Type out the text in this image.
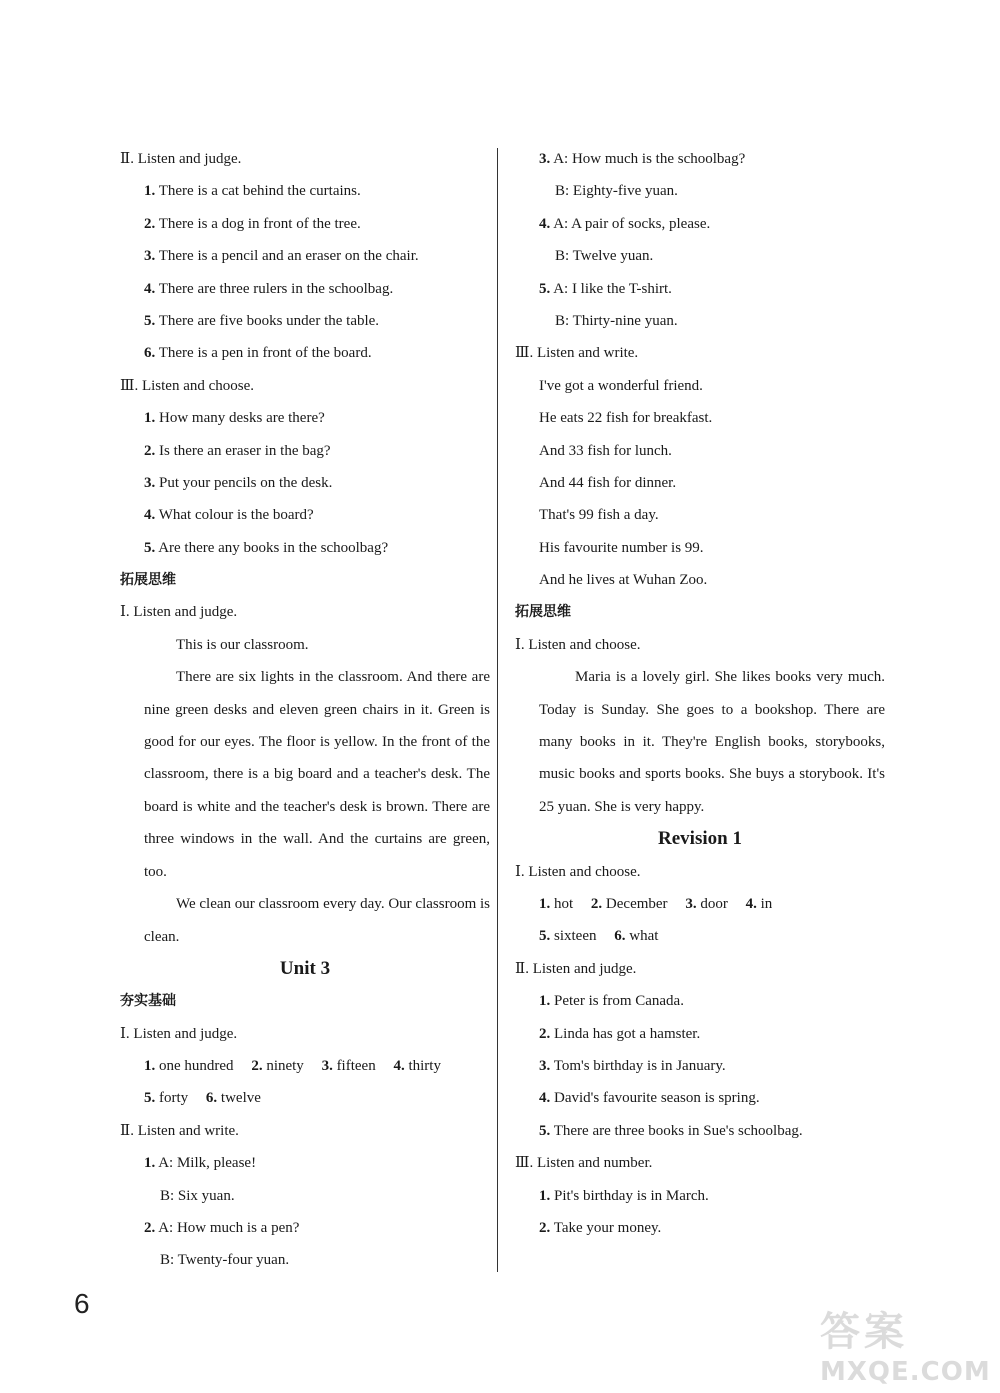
Ⅱ. Listen and judge.
1. There is a cat behind the curtains.
2. There is a dog in front of the tree.
3. There is a pencil and an eraser on the chair.
4. There are three rulers in the schoolbag.
5. There are five books under the table.
6. There is a pen in front of the board.
Ⅲ. Listen and choose.
1. How many desks are there?
2. Is there an eraser in the bag?
3. Put your pencils on the desk.
4. What colour is the board?
5. Are there any books in the schoolbag?
拓展思维
Ⅰ. Listen and judge.
This is our classroom.
There are six lights in the classroom. And there are nine green desks and eleven green chairs in it. Green is good for our eyes. The floor is yellow. In the front of the classroom, there is a big board and a teacher's desk. The board is white and the teacher's desk is brown. There are three windows in the wall. And the curtains are green, too.
We clean our classroom every day. Our classroom is clean.
Unit 3
夯实基础
Ⅰ. Listen and judge.
1. one hundred 2. ninety 3. fifteen 4. thirty
5. forty 6. twelve
Ⅱ. Listen and write.
1. A: Milk, please!
B: Six yuan.
2. A: How much is a pen?
B: Twenty-four yuan.
3. A: How much is the schoolbag?
B: Eighty-five yuan.
4. A: A pair of socks, please.
B: Twelve yuan.
5. A: I like the T-shirt.
B: Thirty-nine yuan.
Ⅲ. Listen and write.
I've got a wonderful friend.
He eats 22 fish for breakfast.
And 33 fish for lunch.
And 44 fish for dinner.
That's 99 fish a day.
His favourite number is 99.
And he lives at Wuhan Zoo.
拓展思维
Ⅰ. Listen and choose.
Maria is a lovely girl. She likes books very much. Today is Sunday. She goes to a bookshop. There are many books in it. They're English books, storybooks, music books and sports books. She buys a storybook. It's 25 yuan. She is very happy.
Revision 1
Ⅰ. Listen and choose.
1. hot 2. December 3. door 4. in
5. sixteen 6. what
Ⅱ. Listen and judge.
1. Peter is from Canada.
2. Linda has got a hamster.
3. Tom's birthday is in January.
4. David's favourite season is spring.
5. There are three books in Sue's schoolbag.
Ⅲ. Listen and number.
1. Pit's birthday is in March.
2. Take your money.
6
答案
MXQE.COM
